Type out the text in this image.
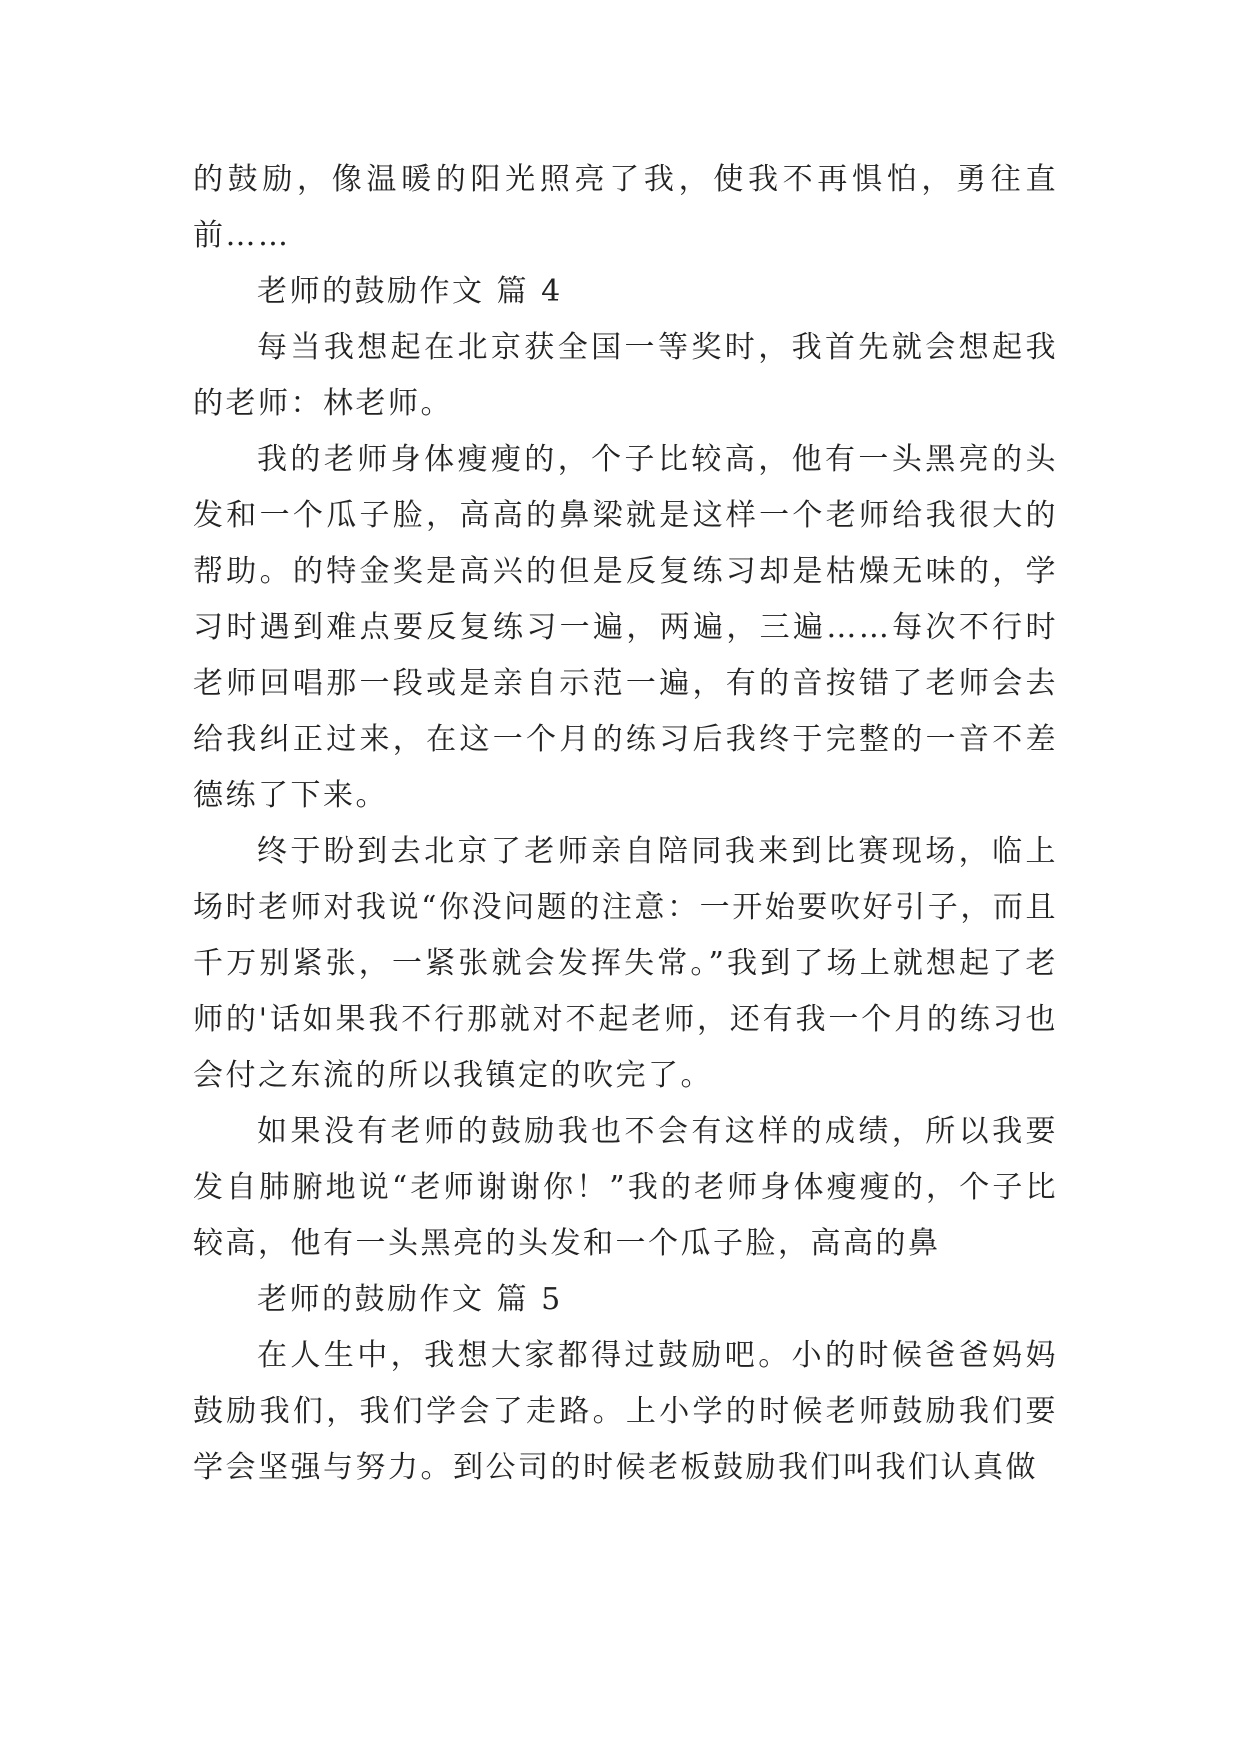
的鼓励，像温暖的阳光照亮了我，使我不再惧怕，勇往直前……

老师的鼓励作文 篇 4

每当我想起在北京获全国一等奖时，我首先就会想起我的老师：林老师。

我的老师身体瘦瘦的，个子比较高，他有一头黑亮的头发和一个瓜子脸，高高的鼻梁就是这样一个老师给我很大的帮助。的特金奖是高兴的但是反复练习却是枯燥无味的，学习时遇到难点要反复练习一遍，两遍，三遍……每次不行时老师回唱那一段或是亲自示范一遍，有的音按错了老师会去给我纠正过来，在这一个月的练习后我终于完整的一音不差德练了下来。

终于盼到去北京了老师亲自陪同我来到比赛现场，临上场时老师对我说“你没问题的注意：一开始要吹好引子，而且千万别紧张，一紧张就会发挥失常。”我到了场上就想起了老师的'话如果我不行那就对不起老师，还有我一个月的练习也会付之东流的所以我镇定的吹完了。

如果没有老师的鼓励我也不会有这样的成绩，所以我要发自肺腑地说“老师谢谢你！”我的老师身体瘦瘦的，个子比较高，他有一头黑亮的头发和一个瓜子脸，高高的鼻

老师的鼓励作文 篇 5

在人生中，我想大家都得过鼓励吧。小的时候爸爸妈妈鼓励我们，我们学会了走路。上小学的时候老师鼓励我们要学会坚强与努力。到公司的时候老板鼓励我们叫我们认真做
